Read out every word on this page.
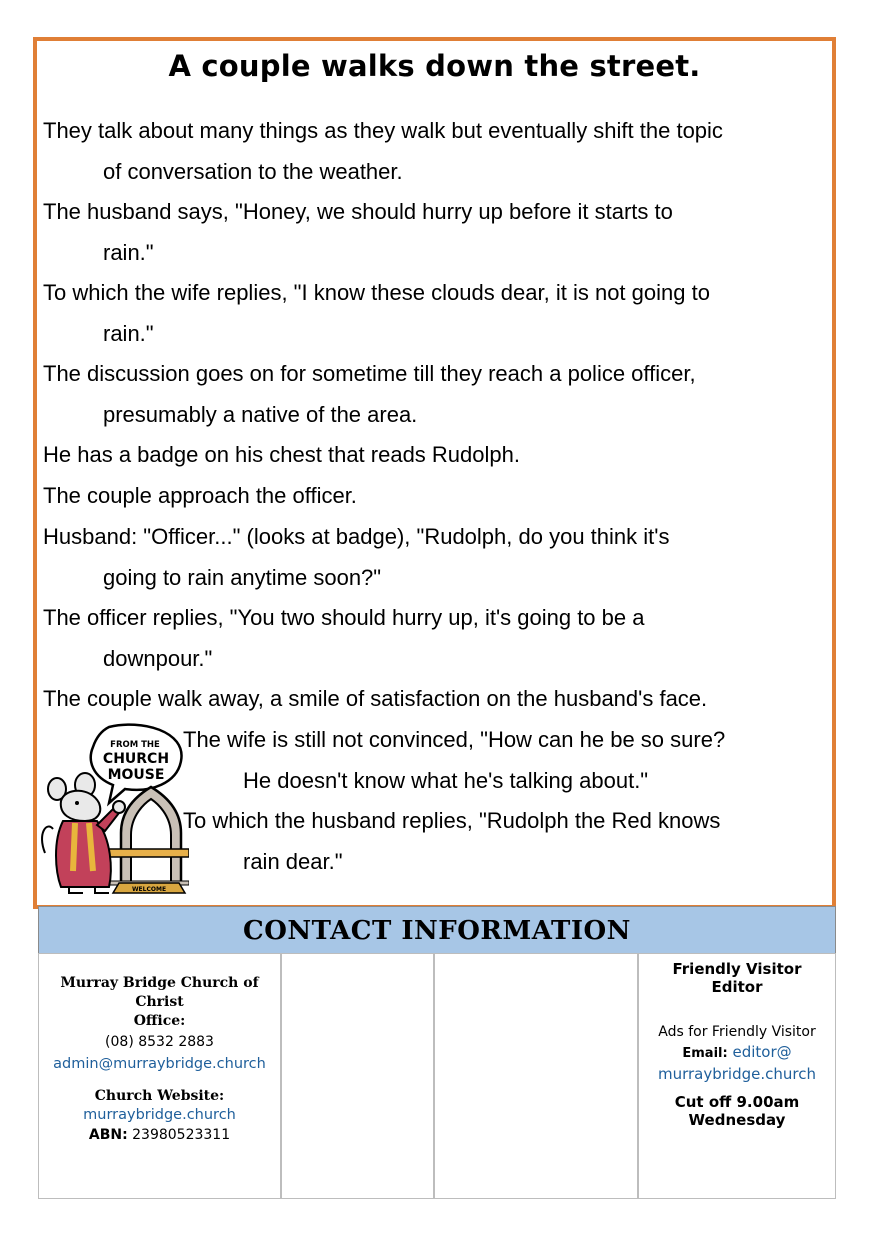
A couple walks down the street.
They talk about many things as they walk but eventually shift the topic
of conversation to the weather.
The husband says, "Honey, we should hurry up before it starts to
rain."
To which the wife replies, "I know these clouds dear, it is not going to
rain."
The discussion goes on for sometime till they reach a police officer,
presumably a native of the area.
He has a badge on his chest that reads Rudolph.
The couple approach the officer.
Husband: "Officer..." (looks at badge), "Rudolph, do you think it's
going to rain anytime soon?"
The officer replies, "You two should hurry up, it's going to be a
downpour."
The couple walk away, a smile of satisfaction on the husband's face.
The wife is still not convinced, "How can he be so sure?
He doesn't know what he's talking about."
To which the husband replies, "Rudolph the Red knows
rain dear."
FROM THE
CHURCH
MOUSE
WELCOME
CONTACT INFORMATION
Murray Bridge Church of Christ
Office:
(08) 8532 2883
admin@murraybridge.church
Church Website:
murraybridge.church
ABN: 23980523311
Friendly Visitor Editor
Ads for Friendly Visitor
Email: editor@
murraybridge.church
Cut off 9.00am
Wednesday
